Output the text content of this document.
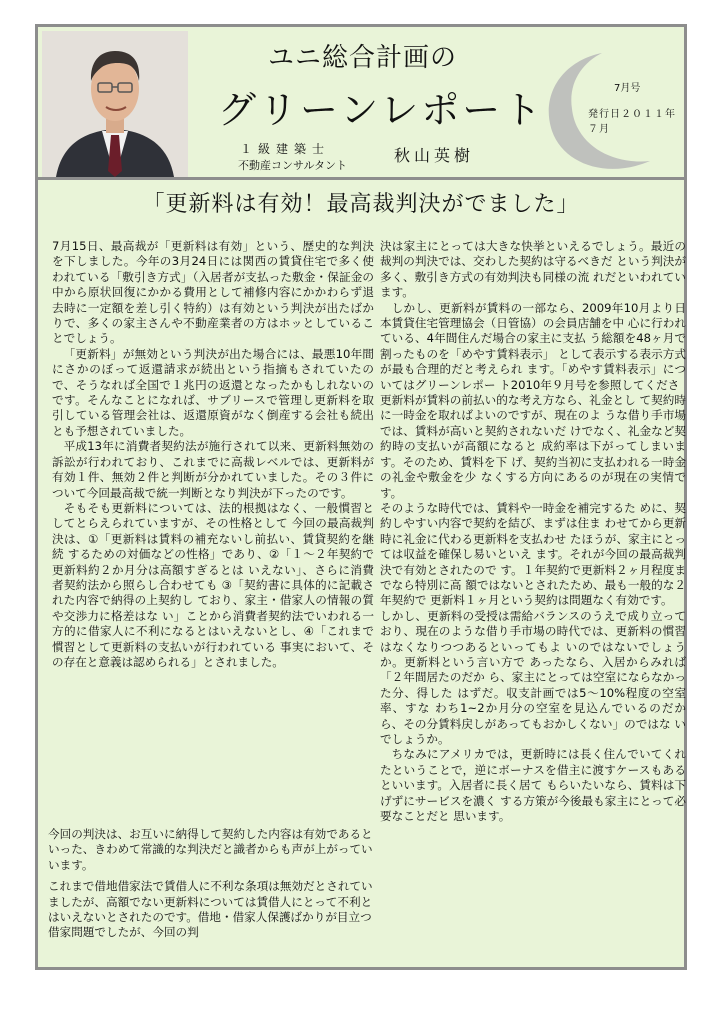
ユニ総合計画の
グリーンレポート
１級建築士
不動産コンサルタント
秋山英樹
7月号
発行日２０１１年７月
「更新料は有効！最高裁判決がでました」

7月15日、最高裁が「更新料は有効」という、歴史的な判決を下しました。今年の3月24日には関西の賃貸住宅で多く使われている「敷引き方式」（入居者が支払った敷金・保証金の中から原状回復にかかる費用として補修内容にかかわらず退去時に一定額を差し引く特約）は有効という判決が出たばかりで、多くの家主さんや不動産業者の方はホッとしていることでしょう。

「更新料」が無効という判決が出た場合には、最悪10年間にさかのぼって返還請求が続出という指摘もされていたので、そうなれば全国で１兆円の返還となったかもしれないのです。そんなことになれば、サブリースで管理し更新料を取引している管理会社は、返還原資がなく倒産する会社も続出とも予想されていました。

平成13年に消費者契約法が施行されて以来、更新料無効の訴訟が行われており、これまでに高裁レベルでは、更新料が有効１件、無効２件と判断が分かれていました。その３件について今回最高裁で統一判断となり判決が下ったのです。

そもそも更新料については、法的根拠はなく、一般慣習としてとらえられていますが、その性格として 今回の最高裁判決は、①「更新料は賃料の補充ないし前払い、賃貸契約を継続 するための対価などの性格」であり、②「１～２年契約で更新料約２か月分は高額すぎるとは いえない」、さらに消費者契約法から照らし合わせても ③「契約書に具体的に記載された内容で納得の上契約し ており、家主・借家人の情報の質や交渉力に格差はな い」ことから消費者契約法でいわれる一方的に借家人に不利になるとはいえないとし、④「これまで慣習として更新料の支払いが行われている 事実において、その存在と意義は認められる」とされました。

今回の判決は、お互いに納得して契約した内容は有効であるといった、きわめて常識的な判決だと識者からも声が上がっていいます。

これまで借地借家法で賃借人に不利な条項は無効だとされていましたが、高額でない更新料については賃借人にとって不利とはいえないとされたのです。借地・借家人保護ばかりが目立つ借家問題でしたが、今回の判

決は家主にとっては大きな快挙といえるでしょう。最近の裁判の判決では、交わした契約は守るべきだ という判決が多く、敷引き方式の有効判決も同様の流 れだといわれています。

しかし、更新料が賃料の一部なら、2009年10月より日本賃貸住宅管理協会（日管協）の会員店舗を中 心に行われている、4年間住んだ場合の家主に支払 う総額を48ヶ月で割ったものを「めやす賃料表示」 として表示する表示方式が最も合理的だと考えられ ます。「めやす賃料表示」についてはグリーンレポー ト2010年９月号を参照してくださ

更新料が賃料の前払い的な考え方なら、礼金とし て契約時に一時金を取ればよいのですが、現在のよ うな借り手市場では、賃料が高いと契約されないだ けでなく、礼金など契約時の支払いが高額になると 成約率は下がってしまいます。そのため、賃料を下 げ、契約当初に支払われる一時金の礼金や敷金を少 なくする方向にあるのが現在の実情です。

そのような時代では、賃料や一時金を補完するた めに、契約しやすい内容で契約を結び、まずは住ま わせてから更新時に礼金に代わる更新料を支払わせ たほうが、家主にとっては収益を確保し易いといえ ます。それが今回の最高裁判決で有効とされたので す。１年契約で更新料２ヶ月程度までなら特別に高 額ではないとされたため、最も一般的な２年契約で 更新料１ヶ月という契約は問題なく有効です。

しかし、更新料の受授は需給バランスのうえで成り立っており、現在のような借り手市場の時代では、更新料の慣習はなくなりつつあるといってもよ いのではないでしょうか。更新料という言い方で あったなら、入居からみれば「２年間居たのだか ら、家主にとっては空室にならなかった分、得した はずだ。収支計画では5～10%程度の空室率、すな わち1~2か月分の空室を見込んでいるのだから、その分賃料戻しがあってもおかしくない」のではな いでしょうか。

ちなみにアメリカでは，更新時には長く住んでいてくれたということで，逆にボーナスを借主に渡すケースもあるといいます。入居者に長く居て もらいたいなら、賃料は下げずにサービスを濃く する方策が今後最も家主にとって必要なことだと 思います。
